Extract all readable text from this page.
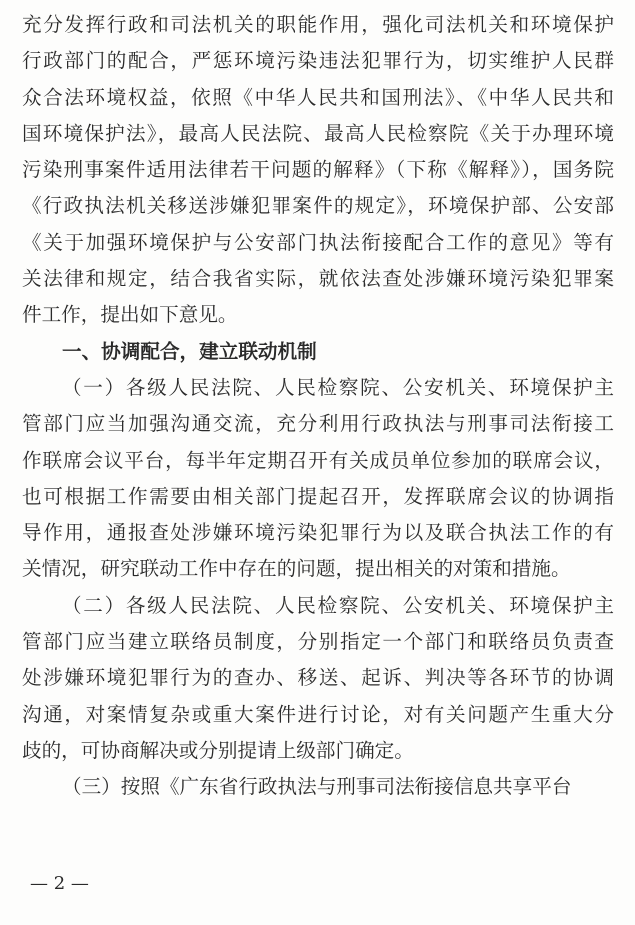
充分发挥行政和司法机关的职能作用，强化司法机关和环境保护
行政部门的配合，严惩环境污染违法犯罪行为，切实维护人民群
众合法环境权益，依照《中华人民共和国刑法》、《中华人民共和
国环境保护法》，最高人民法院、最高人民检察院《关于办理环境
污染刑事案件适用法律若干问题的解释》（下称《解释》），国务院
《行政执法机关移送涉嫌犯罪案件的规定》，环境保护部、公安部
《关于加强环境保护与公安部门执法衔接配合工作的意见》等有
关法律和规定，结合我省实际，就依法查处涉嫌环境污染犯罪案
件工作，提出如下意见。
一、协调配合，建立联动机制
（一）各级人民法院、人民检察院、公安机关、环境保护主
管部门应当加强沟通交流，充分利用行政执法与刑事司法衔接工
作联席会议平台，每半年定期召开有关成员单位参加的联席会议，
也可根据工作需要由相关部门提起召开，发挥联席会议的协调指
导作用，通报查处涉嫌环境污染犯罪行为以及联合执法工作的有
关情况，研究联动工作中存在的问题，提出相关的对策和措施。
（二）各级人民法院、人民检察院、公安机关、环境保护主
管部门应当建立联络员制度，分别指定一个部门和联络员负责查
处涉嫌环境犯罪行为的查办、移送、起诉、判决等各环节的协调
沟通，对案情复杂或重大案件进行讨论，对有关问题产生重大分
歧的，可协商解决或分别提请上级部门确定。
（三）按照《广东省行政执法与刑事司法衔接信息共享平台
— 2 —
